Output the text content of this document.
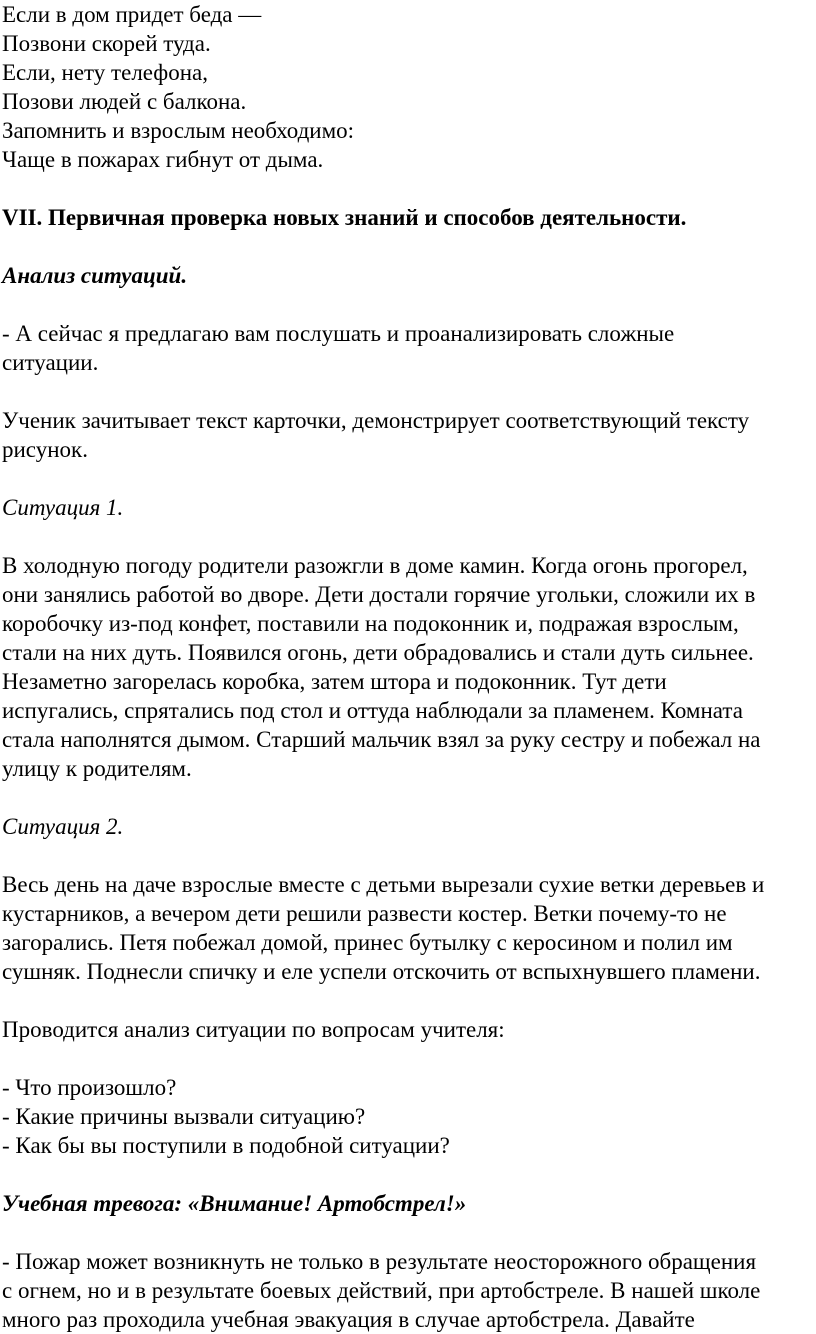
Если в дом придет беда —
Позвони скорей туда.
Если, нету телефона,
Позови людей с балкона.
Запомнить и взрослым необходимо:
Чаще в пожарах гибнут от дыма.
VII. Первичная проверка новых знаний и способов деятельности.
Анализ ситуаций.
- А сейчас я предлагаю вам послушать и проанализировать сложные
ситуации.
Ученик зачитывает текст карточки, демонстрирует соответствующий тексту
рисунок.
Ситуация 1.
В холодную погоду родители разожгли в доме камин. Когда огонь прогорел,
они занялись работой во дворе. Дети достали горячие угольки, сложили их в
коробочку из-под конфет, поставили на подоконник и, подражая взрослым,
стали на них дуть. Появился огонь, дети обрадовались и стали дуть сильнее.
Незаметно загорелась коробка, затем штора и подоконник. Тут дети
испугались, спрятались под стол и оттуда наблюдали за пламенем. Комната
стала наполнятся дымом. Старший мальчик взял за руку сестру и побежал на
улицу к родителям.
Ситуация 2.
Весь день на даче взрослые вместе с детьми вырезали сухие ветки деревьев и
кустарников, а вечером дети решили развести костер. Ветки почему-то не
загорались. Петя побежал домой, принес бутылку с керосином и полил им
сушняк. Поднесли спичку и еле успели отскочить от вспыхнувшего пламени.
Проводится анализ ситуации по вопросам учителя:
- Что произошло?
- Какие причины вызвали ситуацию?
- Как бы вы поступили в подобной ситуации?
Учебная тревога: «Внимание! Артобстрел!»
- Пожар может возникнуть не только в результате неосторожного обращения
с огнем, но и в результате боевых действий, при артобстреле. В нашей школе
много раз проходила учебная эвакуация в случае артобстрела. Давайте
